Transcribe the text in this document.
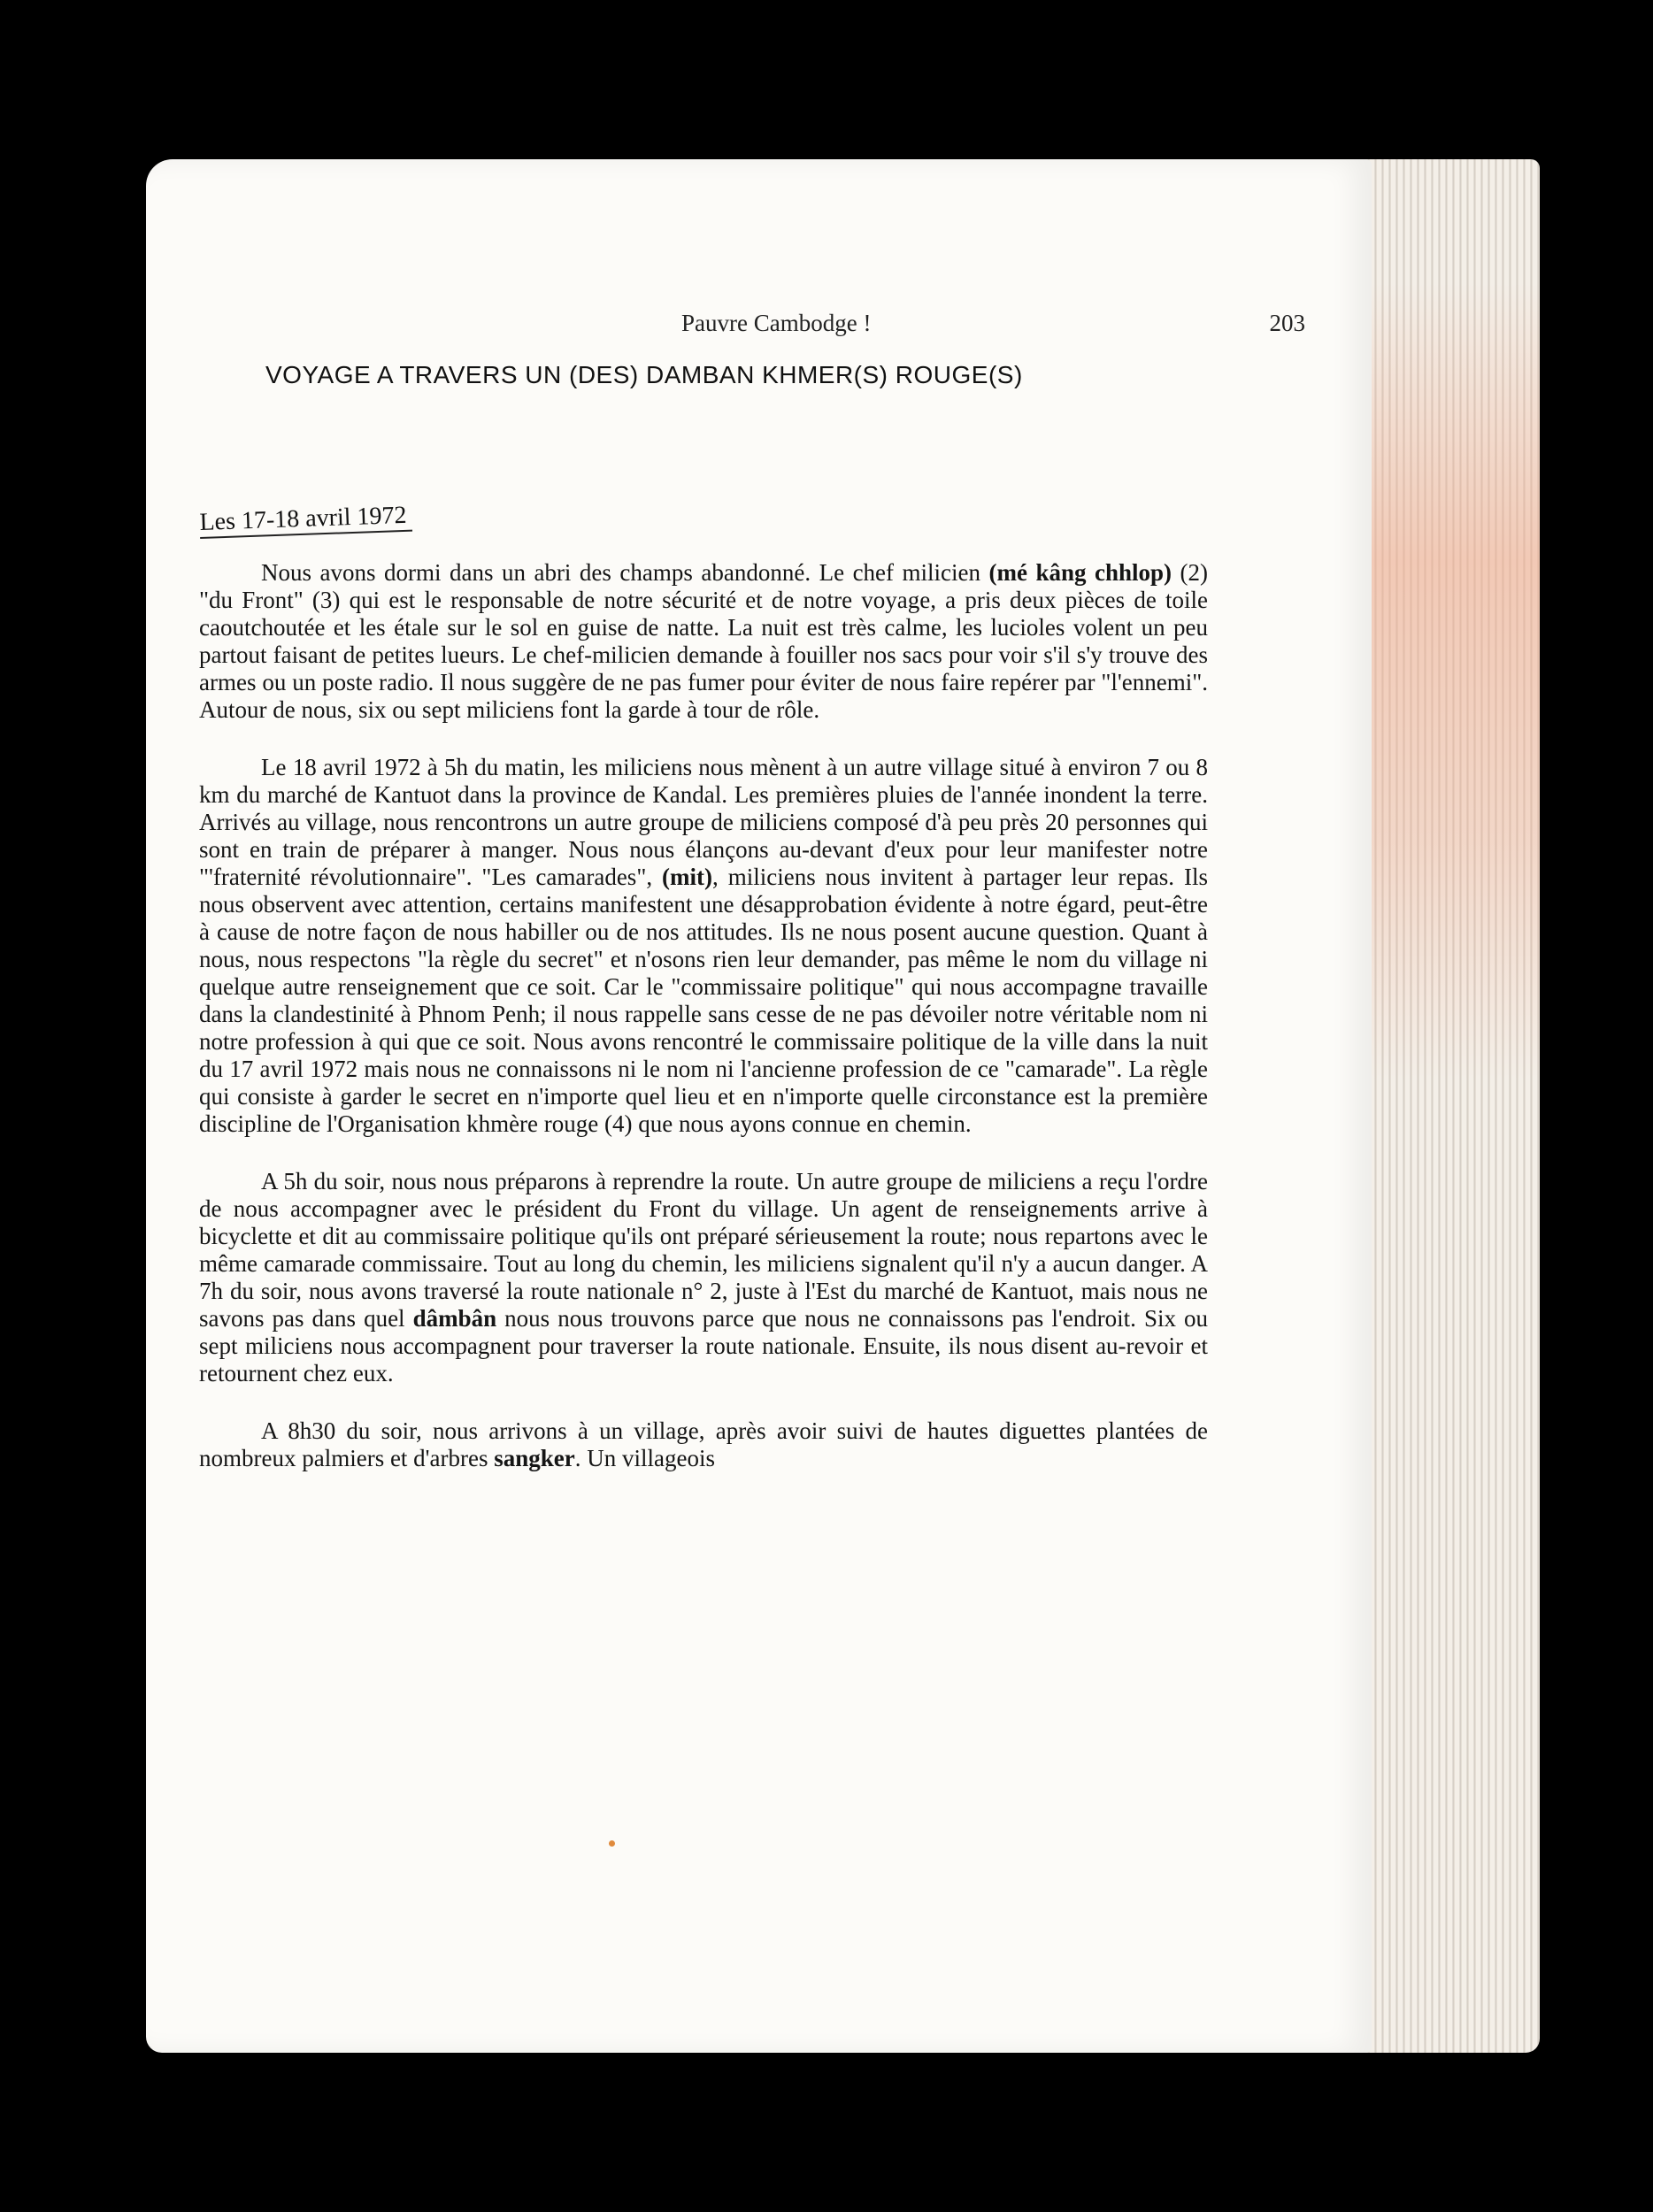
Pauvre Cambodge !	203
VOYAGE A TRAVERS UN (DES) DAMBAN KHMER(S) ROUGE(S)
Les 17-18 avril 1972

Nous avons dormi dans un abri des champs abandonné. Le chef milicien (mé kâng chhlop) (2) "du Front" (3) qui est le responsable de notre sécurité et de notre voyage, a pris deux pièces de toile caoutchoutée et les étale sur le sol en guise de natte. La nuit est très calme, les lucioles volent un peu partout faisant de petites lueurs. Le chef-milicien demande à fouiller nos sacs pour voir s'il s'y trouve des armes ou un poste radio. Il nous suggère de ne pas fumer pour éviter de nous faire repérer par "l'ennemi". Autour de nous, six ou sept miliciens font la garde à tour de rôle.

Le 18 avril 1972 à 5h du matin, les miliciens nous mènent à un autre village situé à environ 7 ou 8 km du marché de Kantuot dans la province de Kandal. Les premières pluies de l'année inondent la terre. Arrivés au village, nous rencontrons un autre groupe de miliciens composé d'à peu près 20 personnes qui sont en train de préparer à manger. Nous nous élançons au-devant d'eux pour leur manifester notre "'fraternité révolutionnaire". "Les camarades", (mit), miliciens nous invitent à partager leur repas. Ils nous observent avec attention, certains manifestent une désapprobation évidente à notre égard, peut-être à cause de notre façon de nous habiller ou de nos attitudes. Ils ne nous posent aucune question. Quant à nous, nous respectons "la règle du secret" et n'osons rien leur demander, pas même le nom du village ni quelque autre renseignement que ce soit. Car le "commissaire politique" qui nous accompagne travaille dans la clandestinité à Phnom Penh; il nous rappelle sans cesse de ne pas dévoiler notre véritable nom ni notre profession à qui que ce soit. Nous avons rencontré le commissaire politique de la ville dans la nuit du 17 avril 1972 mais nous ne connaissons ni le nom ni l'ancienne profession de ce "camarade". La règle qui consiste à garder le secret en n'importe quel lieu et en n'importe quelle circonstance est la première discipline de l'Organisation khmère rouge (4) que nous ayons connue en chemin.

A 5h du soir, nous nous préparons à reprendre la route. Un autre groupe de miliciens a reçu l'ordre de nous accompagner avec le président du Front du village. Un agent de renseignements arrive à bicyclette et dit au commissaire politique qu'ils ont préparé sérieusement la route; nous repartons avec le même camarade commissaire. Tout au long du chemin, les miliciens signalent qu'il n'y a aucun danger. A 7h du soir, nous avons traversé la route nationale n° 2, juste à l'Est du marché de Kantuot, mais nous ne savons pas dans quel dâmbân nous nous trouvons parce que nous ne connaissons pas l'endroit. Six ou sept miliciens nous accompagnent pour traverser la route nationale. Ensuite, ils nous disent au-revoir et retournent chez eux.

A 8h30 du soir, nous arrivons à un village, après avoir suivi de hautes diguettes plantées de nombreux palmiers et d'arbres sangker. Un villageois
